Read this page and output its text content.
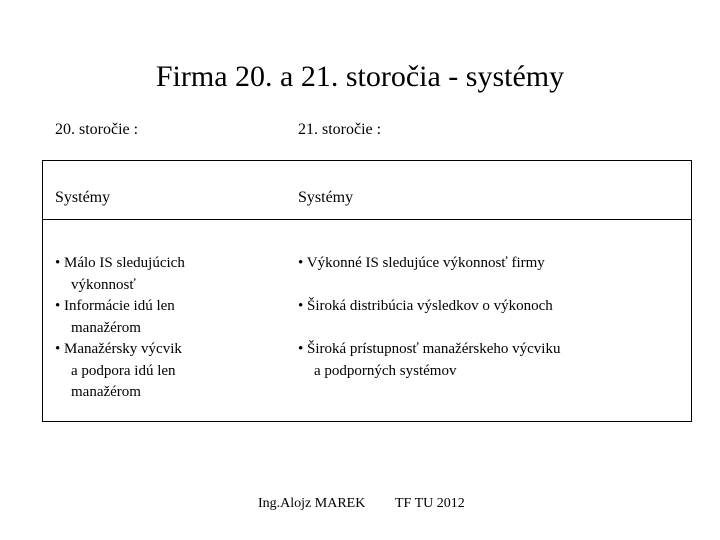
Firma 20. a 21. storočia - systémy
20. storočie :	21. storočie :
Systémy	Systémy
• Málo IS sledujúcich
výkonnosť
• Informácie idú len
manažérom
• Manažérsky výcvik
a podpora idú len
manažérom
• Výkonné IS sledujúce výkonnosť firmy
• Široká distribúcia výsledkov o výkonoch
• Široká prístupnosť manažérskeho výcviku
a podporných systémov
Ing.Alojz MAREK TF TU 2012
